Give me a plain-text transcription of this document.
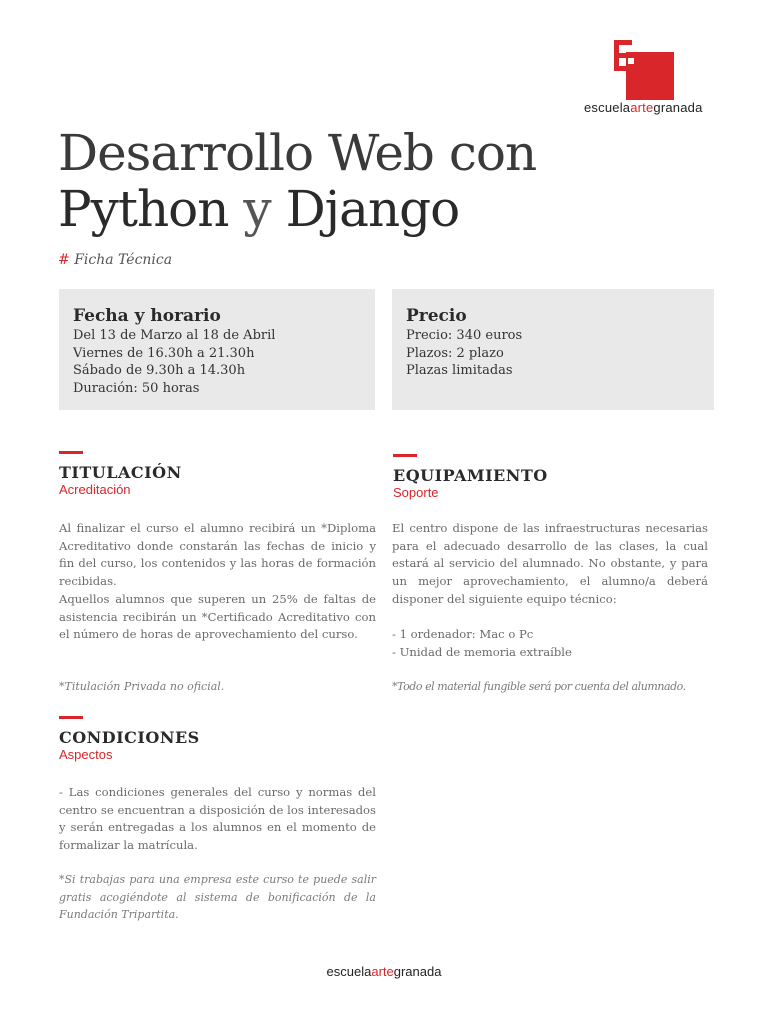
escuelaartegranada
Desarrollo Web con
Python y Django
# Ficha Técnica
Fecha y horario
Del 13 de Marzo al 18 de Abril
Viernes de 16.30h a 21.30h
Sábado de 9.30h a 14.30h
Duración: 50 horas
Precio
Precio: 340 euros
Plazos: 2 plazo
Plazas limitadas
TITULACIÓN
Acreditación
Al finalizar el curso el alumno recibirá un *Diploma Acreditativo donde constarán las fechas de inicio y fin del curso, los contenidos y las horas de formación recibidas.
Aquellos alumnos que superen un 25% de faltas de asistencia recibirán un *Certificado Acreditativo con el número de horas de aprovechamiento del curso.
*Titulación Privada no oficial.
EQUIPAMIENTO
Soporte
El centro dispone de las infraestructuras necesarias para el adecuado desarrollo de las clases, la cual estará al servicio del alumnado. No obstante, y para un mejor aprovechamiento, el alumno/a deberá disponer del siguiente equipo técnico:
- 1 ordenador: Mac o Pc
- Unidad de memoria extraíble
*Todo el material fungible será por cuenta del alumnado.
CONDICIONES
Aspectos
- Las condiciones generales del curso y normas del centro se encuentran a disposición de los interesados y serán entregadas a los alumnos en el momento de formalizar la matrícula.
*Si trabajas para una empresa este curso te puede salir gratis acogiéndote al sistema de bonificación de la Fundación Tripartita.
escuelaartegranada
